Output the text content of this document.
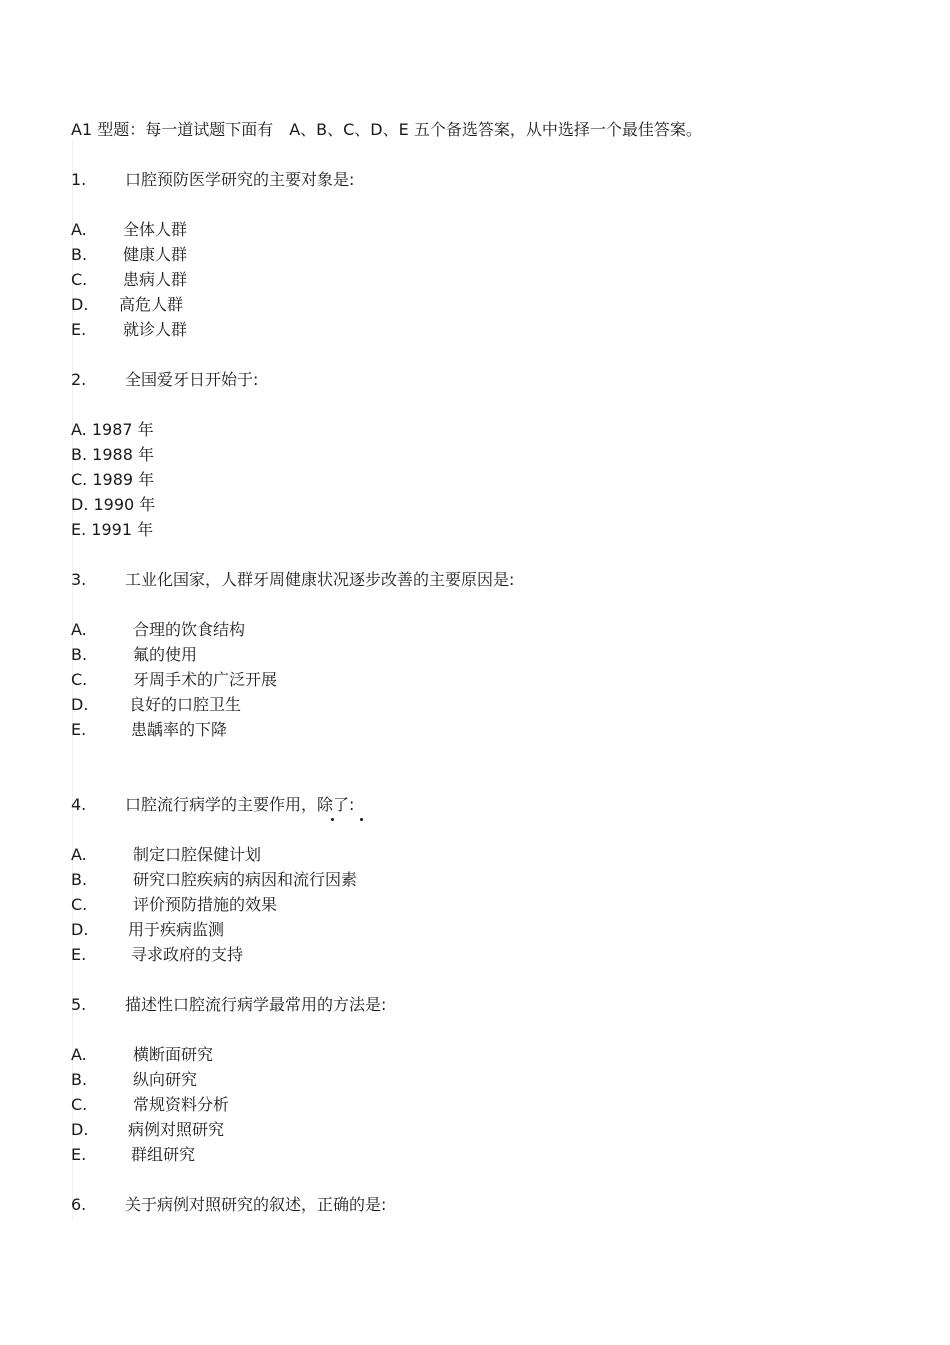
A1 型题：每一道试题下面有　A、B、C、D、E 五个备选答案，从中选择一个最佳答案。
1. 口腔预防医学研究的主要对象是:
A. 全体人群
B. 健康人群
C. 患病人群
D. 高危人群
E. 就诊人群
2. 全国爱牙日开始于:
A. 1987 年
B. 1988 年
C. 1989 年
D. 1990 年
E. 1991 年
3. 工业化国家，人群牙周健康状况逐步改善的主要原因是:
A.	合理的饮食结构
B.	氟的使用
C.	牙周手术的广泛开展
D.	良好的口腔卫生
E.	患龋率的下降
4. 口腔流行病学的主要作用，除了:
A.	制定口腔保健计划
B.	研究口腔疾病的病因和流行因素
C.	评价预防措施的效果
D. 用于疾病监测
E.	寻求政府的支持
5. 描述性口腔流行病学最常用的方法是:
A.	横断面研究
B.	纵向研究
C.	常规资料分析
D. 病例对照研究
E.	群组研究
6. 关于病例对照研究的叙述，正确的是:
